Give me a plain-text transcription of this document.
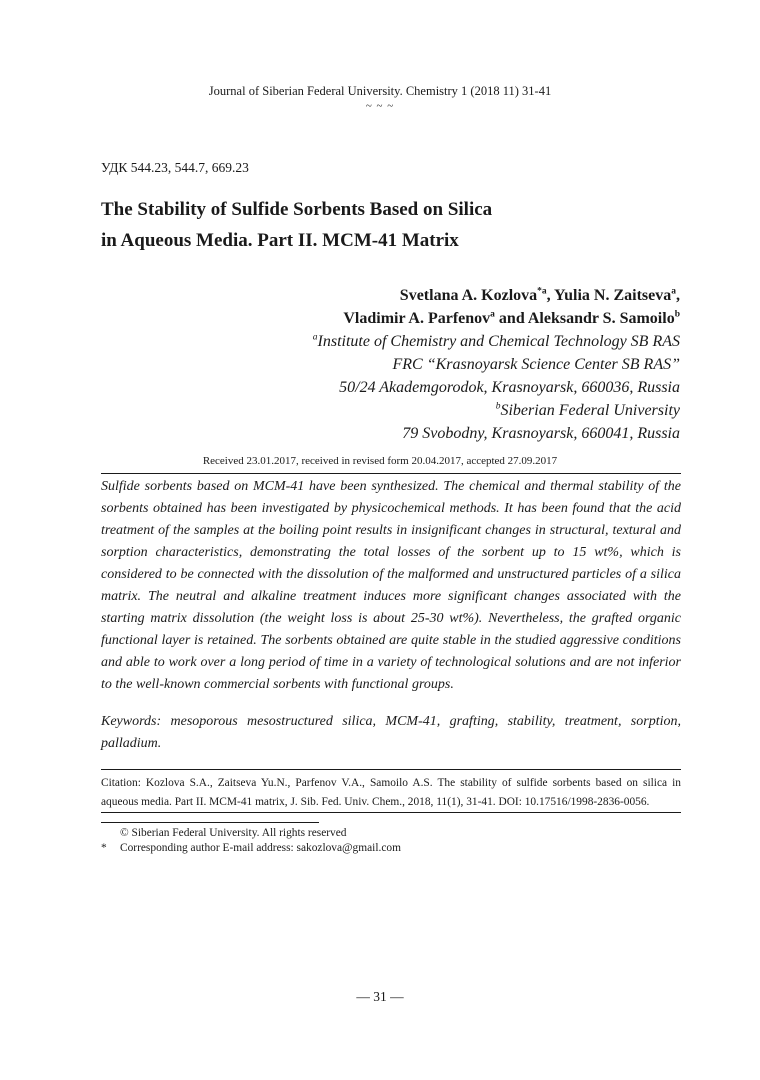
Journal of Siberian Federal University. Chemistry 1 (2018 11) 31-41
~ ~ ~
УДК 544.23, 544.7, 669.23
The Stability of Sulfide Sorbents Based on Silica
in Aqueous Media. Part II. MCM-41 Matrix
Svetlana A. Kozlova$^{*a}$, Yulia N. Zaitseva$^a$,
Vladimir A. Parfenov$^a$ and Aleksandr S. Samoilo$^b$
$^a$Institute of Chemistry and Chemical Technology SB RAS
FRC “Krasnoyarsk Science Center SB RAS”
50/24 Akademgorodok, Krasnoyarsk, 660036, Russia
$^b$Siberian Federal University
79 Svobodny, Krasnoyarsk, 660041, Russia
Received 23.01.2017, received in revised form 20.04.2017, accepted 27.09.2017
Sulfide sorbents based on MCM-41 have been synthesized. The chemical and thermal stability of the sorbents obtained has been investigated by physicochemical methods. It has been found that the acid treatment of the samples at the boiling point results in insignificant changes in structural, textural and sorption characteristics, demonstrating the total losses of the sorbent up to 15 wt%, which is considered to be connected with the dissolution of the malformed and unstructured particles of a silica matrix. The neutral and alkaline treatment induces more significant changes associated with the starting matrix dissolution (the weight loss is about 25-30 wt%). Nevertheless, the grafted organic functional layer is retained. The sorbents obtained are quite stable in the studied aggressive conditions and able to work over a long period of time in a variety of technological solutions and are not inferior to the well-known commercial sorbents with functional groups.
Keywords: mesoporous mesostructured silica, MCM-41, grafting, stability, treatment, sorption, palladium.
Citation: Kozlova S.A., Zaitseva Yu.N., Parfenov V.A., Samoilo A.S. The stability of sulfide sorbents based on silica in aqueous media. Part II. MCM-41 matrix, J. Sib. Fed. Univ. Chem., 2018, 11(1), 31-41. DOI: 10.17516/1998-2836-0056.
© Siberian Federal University. All rights reserved
* Corresponding author E-mail address: sakozlova@gmail.com
— 31 —
